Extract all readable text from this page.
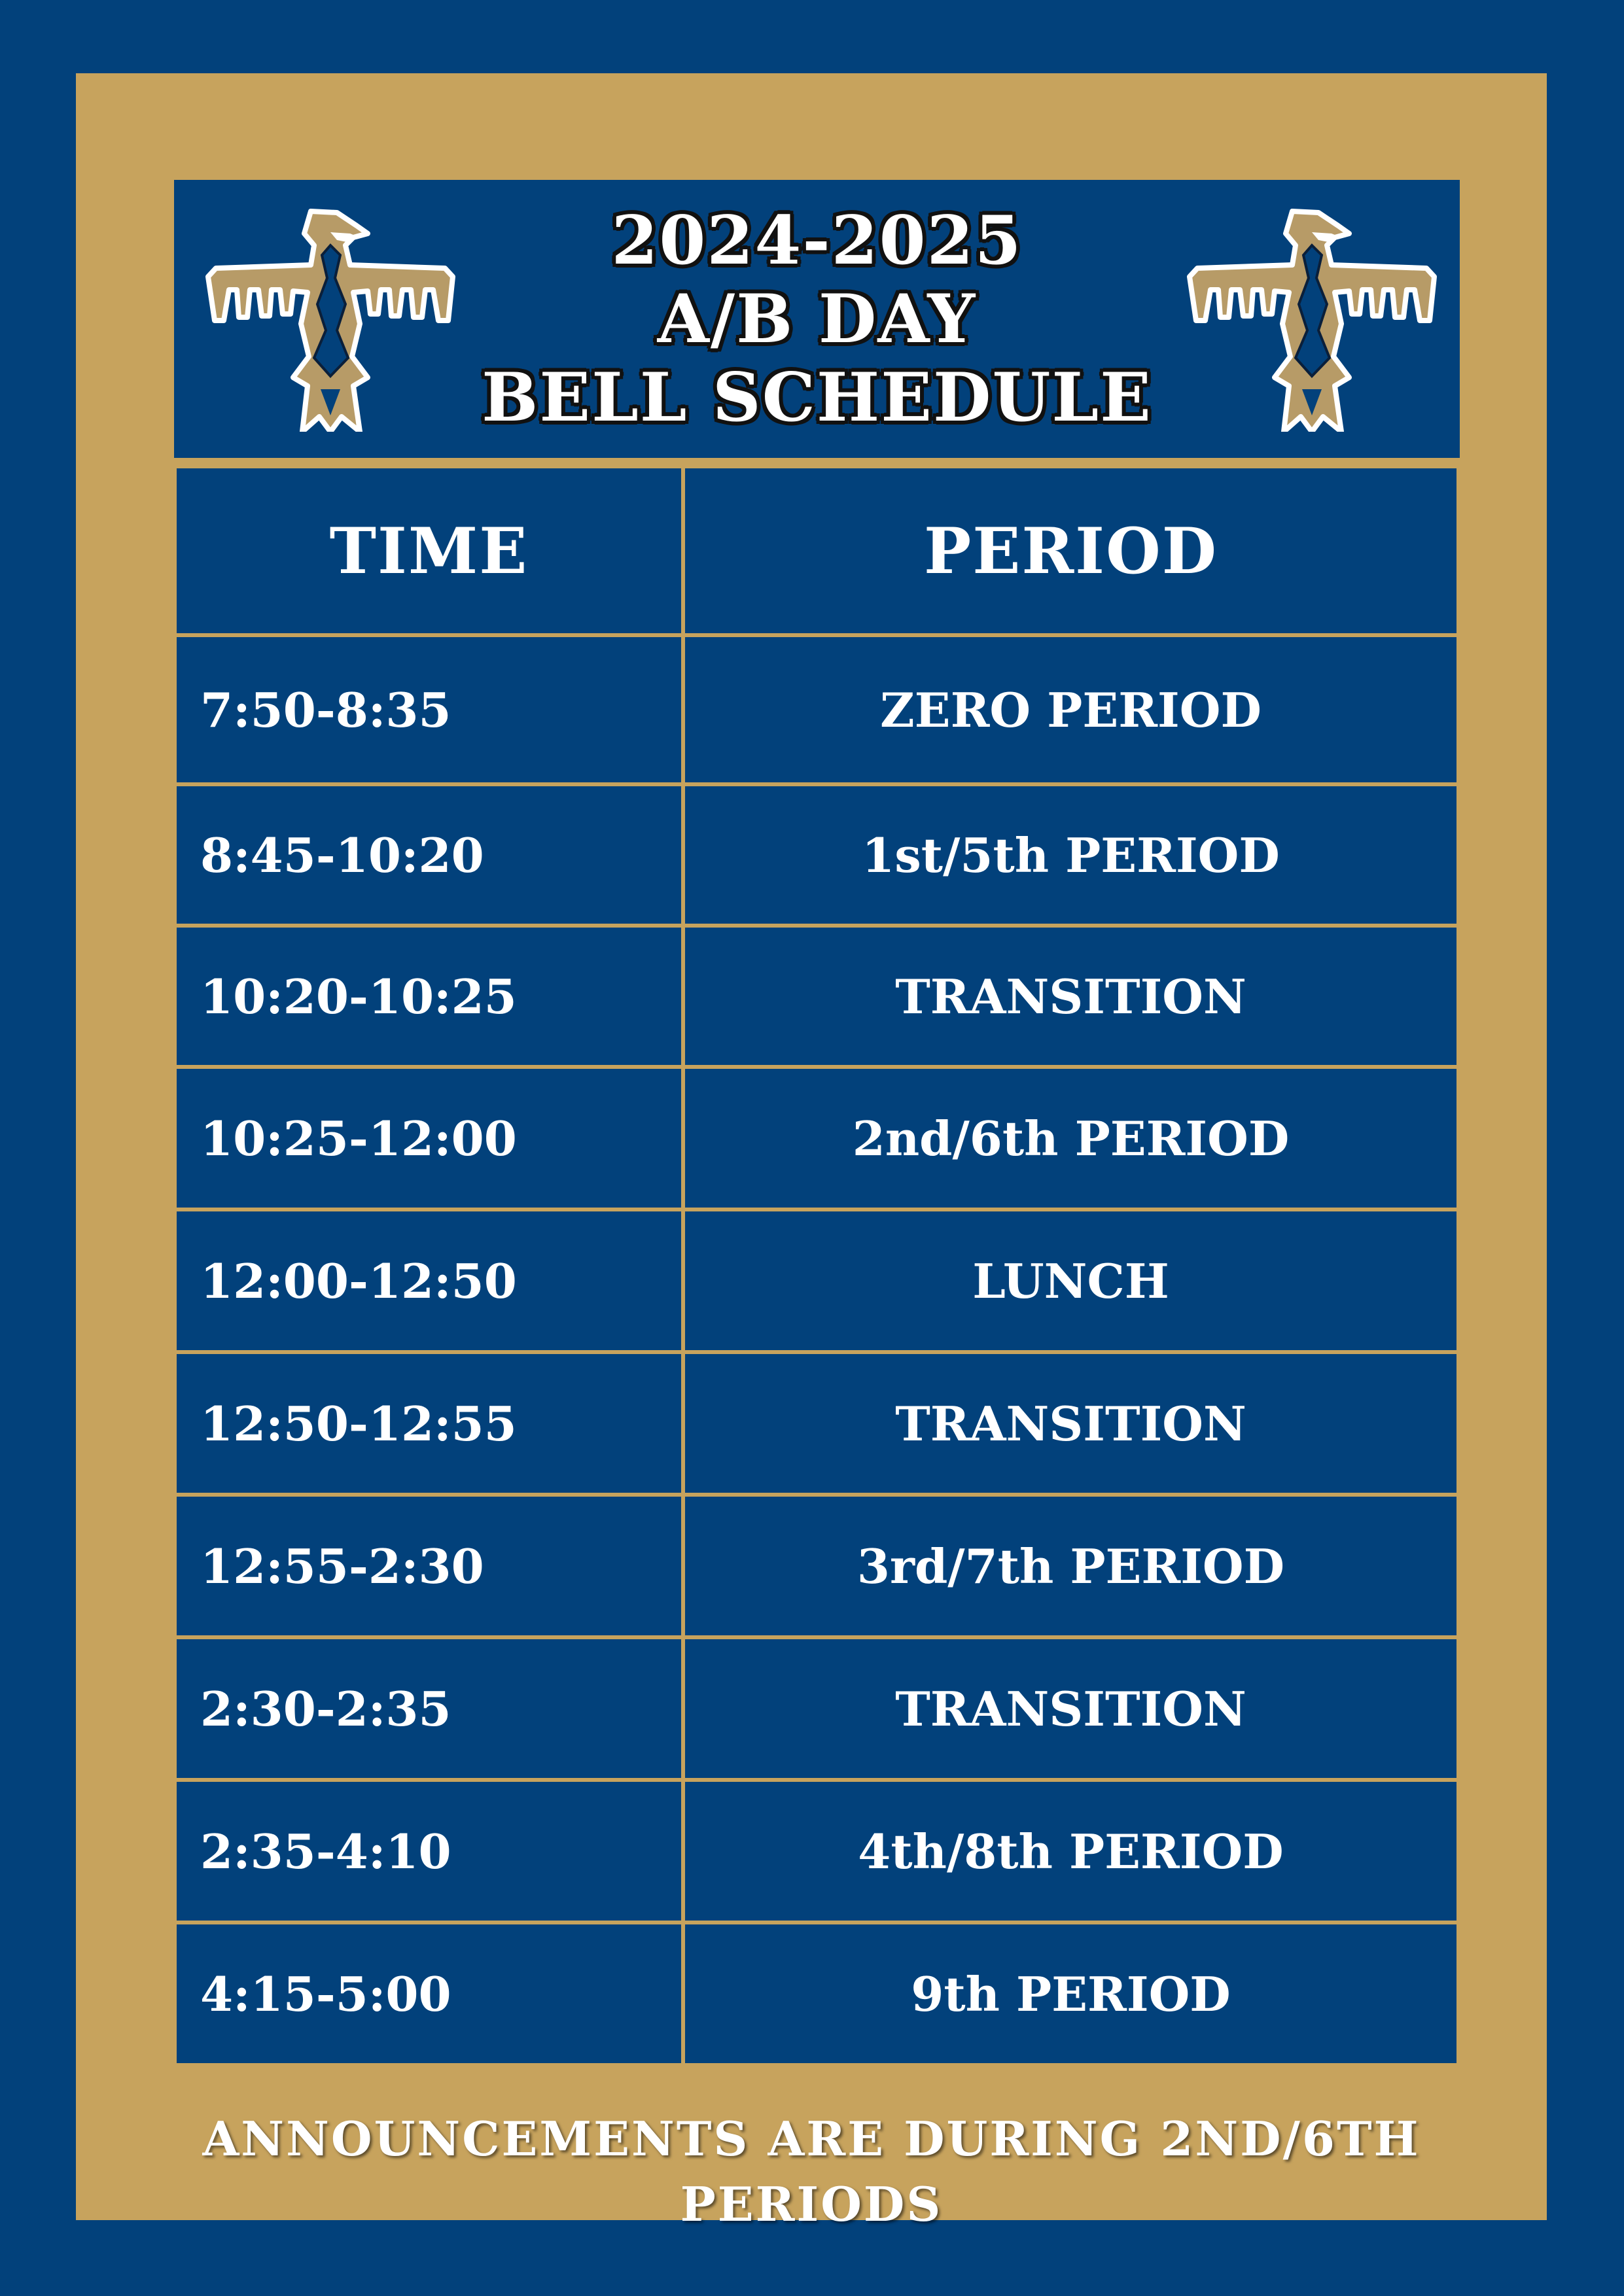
2024-2025
A/B DAY
BELL SCHEDULE
TIME	PERIOD
7:50-8:35	ZERO PERIOD
8:45-10:20	1st/5th PERIOD
10:20-10:25	TRANSITION
10:25-12:00	2nd/6th PERIOD
12:00-12:50	LUNCH
12:50-12:55	TRANSITION
12:55-2:30	3rd/7th PERIOD
2:30-2:35	TRANSITION
2:35-4:10	4th/8th PERIOD
4:15-5:00	9th PERIOD
ANNOUNCEMENTS ARE DURING 2ND/6TH PERIODS
